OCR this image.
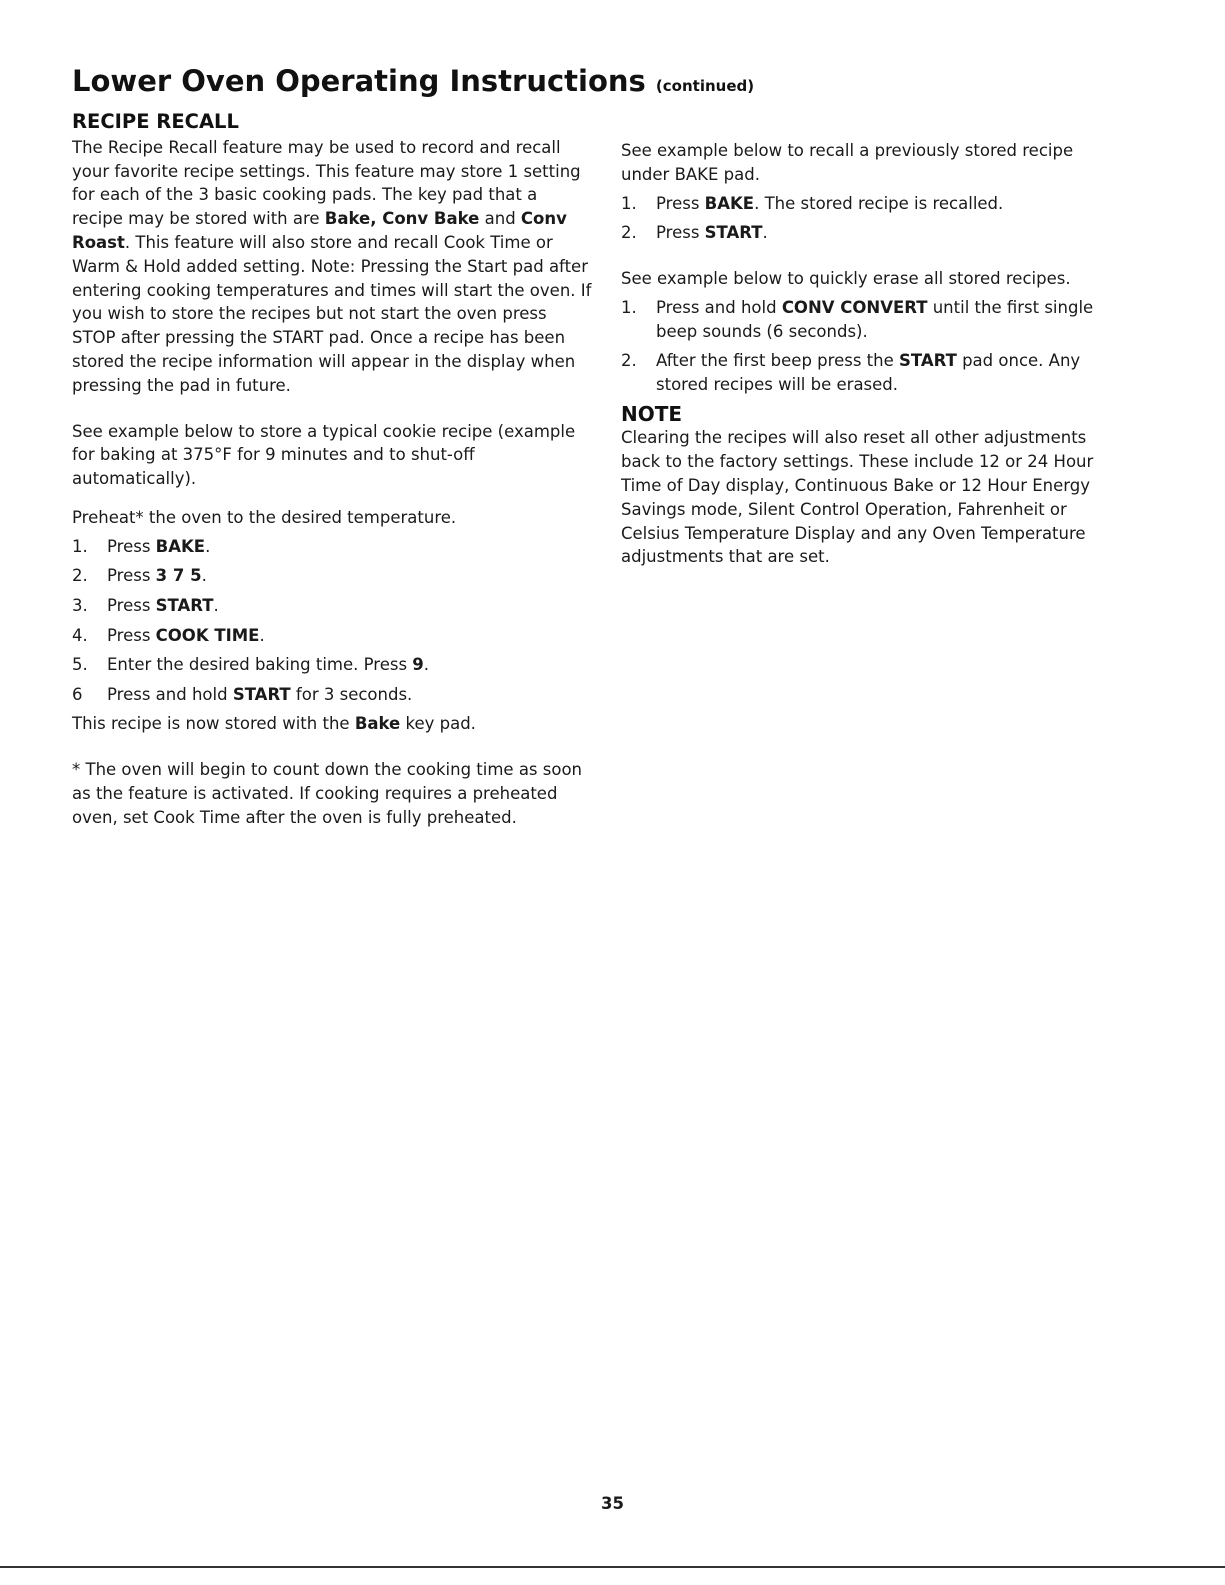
Lower Oven Operating Instructions (continued)
RECIPE RECALL

The Recipe Recall feature may be used to record and recall your favorite recipe settings. This feature may store 1 setting for each of the 3 basic cooking pads. The key pad that a recipe may be stored with are Bake, Conv Bake and Conv Roast. This feature will also store and recall Cook Time or Warm & Hold added setting. Note: Pressing the Start pad after entering cooking temperatures and times will start the oven. If you wish to store the recipes but not start the oven press STOP after pressing the START pad. Once a recipe has been stored the recipe information will appear in the display when pressing the pad in future.

See example below to store a typical cookie recipe (example for baking at 375°F for 9 minutes and to shut-off automatically).

Preheat* the oven to the desired temperature.

1. Press BAKE.
2. Press 3 7 5.
3. Press START.
4. Press COOK TIME.
5. Enter the desired baking time. Press 9.
6 Press and hold START for 3 seconds.

This recipe is now stored with the Bake key pad.

* The oven will begin to count down the cooking time as soon as the feature is activated. If cooking requires a preheated oven, set Cook Time after the oven is fully preheated.

See example below to recall a previously stored recipe under BAKE pad.

1. Press BAKE. The stored recipe is recalled.
2. Press START.

See example below to quickly erase all stored recipes.

1. Press and hold CONV CONVERT until the first single beep sounds (6 seconds).
2. After the first beep press the START pad once. Any stored recipes will be erased.
NOTE

Clearing the recipes will also reset all other adjustments back to the factory settings. These include 12 or 24 Hour Time of Day display, Continuous Bake or 12 Hour Energy Savings mode, Silent Control Operation, Fahrenheit or Celsius Temperature Display and any Oven Temperature adjustments that are set.

35
